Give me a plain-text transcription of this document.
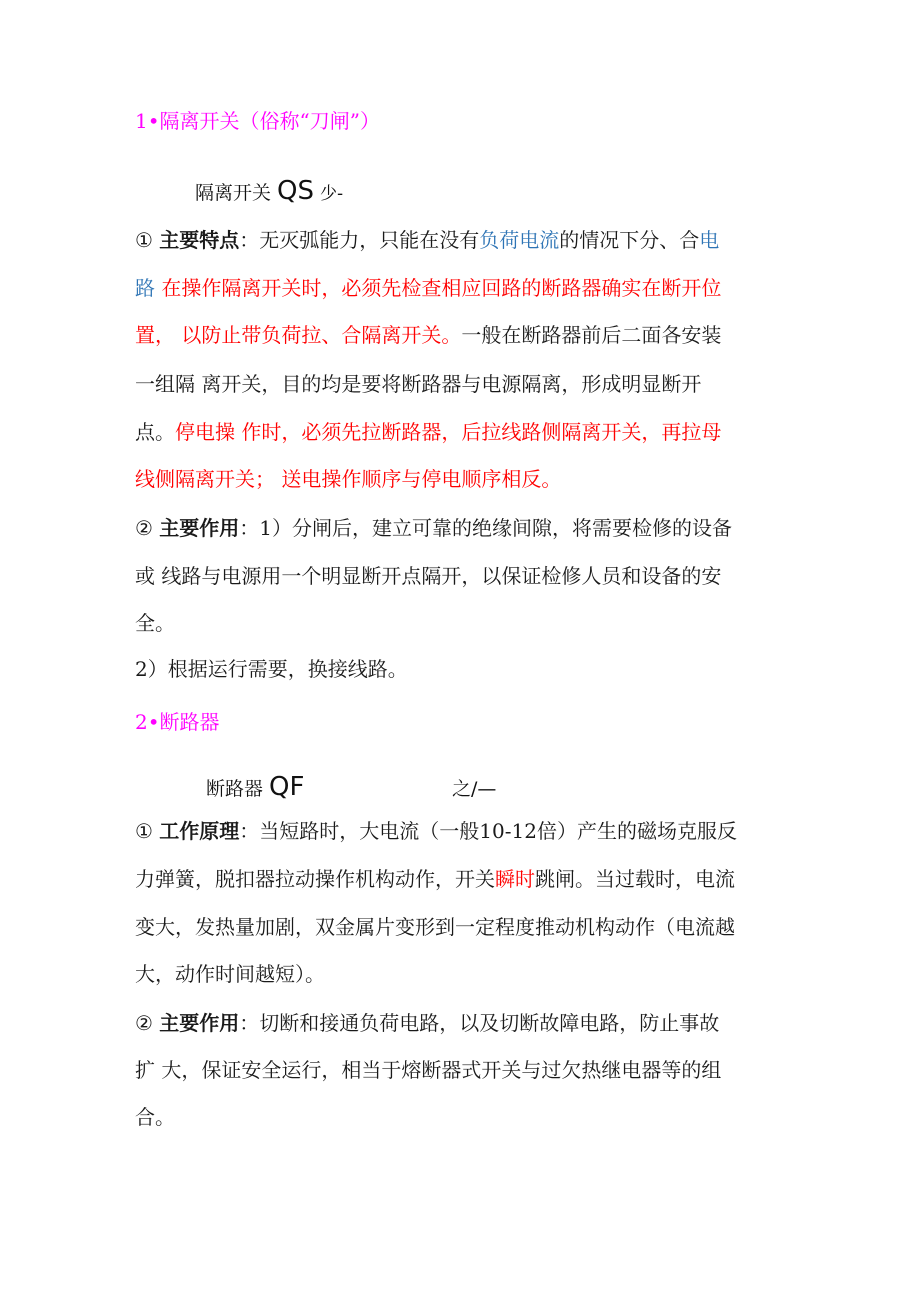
1•隔离开关（俗称“刀闸”）
隔离开关 QS 少-
① 主要特点：无灭弧能力，只能在没有负荷电流的情况下分、合电
路 在操作隔离开关时，必须先检查相应回路的断路器确实在断开位
置， 以防止带负荷拉、合隔离开关。一般在断路器前后二面各安装
一组隔 离开关，目的均是要将断路器与电源隔离，形成明显断开
点。停电操 作时，必须先拉断路器，后拉线路侧隔离开关，再拉母
线侧隔离开关； 送电操作顺序与停电顺序相反。
② 主要作用：1）分闸后，建立可靠的绝缘间隙，将需要检修的设备
或 线路与电源用一个明显断开点隔开，以保证检修人员和设备的安
全。
2）根据运行需要，换接线路。
2•断路器
断路器 QF	之/—
① 工作原理：当短路时，大电流（一般10-12倍）产生的磁场克服反
力弹簧，脱扣器拉动操作机构动作，开关瞬时跳闸。当过载时，电流
变大，发热量加剧，双金属片变形到一定程度推动机构动作（电流越
大，动作时间越短）。
② 主要作用：切断和接通负荷电路，以及切断故障电路，防止事故
扩 大，保证安全运行，相当于熔断器式开关与过欠热继电器等的组
合。
